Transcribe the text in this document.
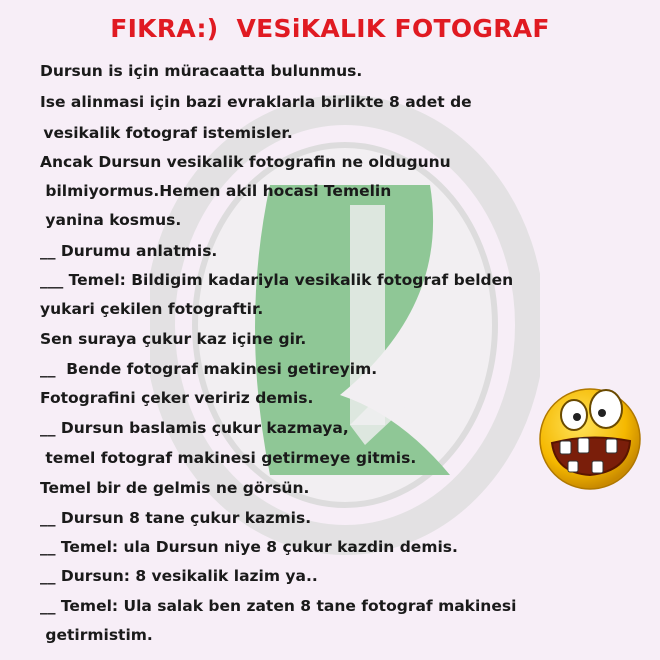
FIKRA:)  VESiKALIK FOTOGRAF
Dursun is için müracaatta bulunmus.
Ise alinmasi için bazi evraklarla birlikte 8 adet de
vesikalik fotograf istemisler.
Ancak Dursun vesikalik fotografin ne oldugunu
bilmiyormus.Hemen akil hocasi Temelin
yanina kosmus.
__ Durumu anlatmis.
___ Temel: Bildigim kadariyla vesikalik fotograf belden
yukari çekilen fotograftir.
Sen suraya çukur kaz içine gir.
__  Bende fotograf makinesi getireyim.
Fotografini çeker veririz demis.
__ Dursun baslamis çukur kazmaya,
temel fotograf makinesi getirmeye gitmis.
Temel bir de gelmis ne görsün.
__ Dursun 8 tane çukur kazmis.
__ Temel: ula Dursun niye 8 çukur kazdin demis.
__ Dursun: 8 vesikalik lazim ya..
__ Temel: Ula salak ben zaten 8 tane fotograf makinesi
getirmistim.
